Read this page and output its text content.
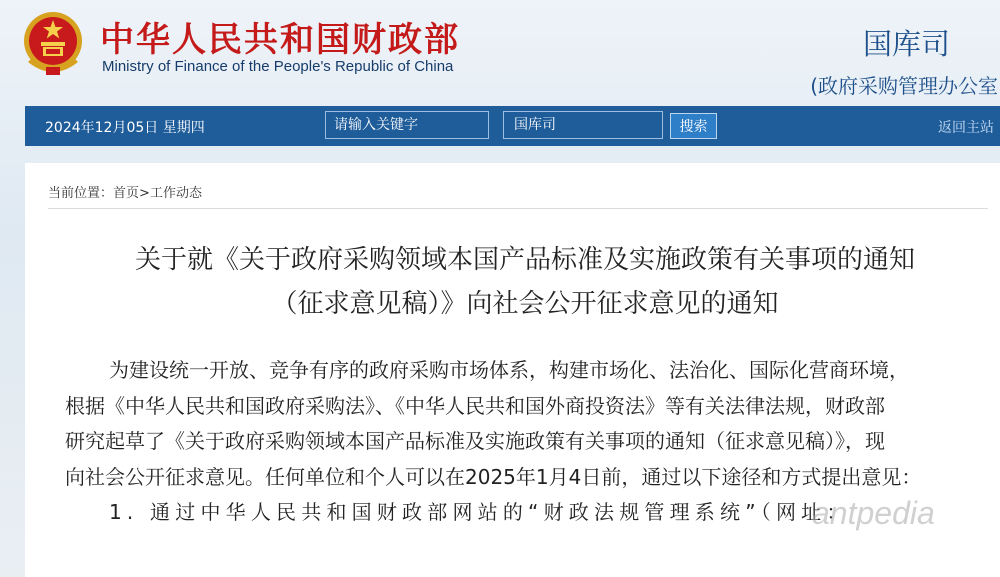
中华人民共和国财政部
Ministry of Finance of the People's Republic of China
国库司
(政府采购管理办公室
2024年12月05日 星期四	请输入关键字	国库司	搜索	返回主站
当前位置：首页>工作动态
关于就《关于政府采购领域本国产品标准及实施政策有关事项的通知
（征求意见稿）》向社会公开征求意见的通知
为建设统一开放、竞争有序的政府采购市场体系，构建市场化、法治化、国际化营商环境，
根据《中华人民共和国政府采购法》、《中华人民共和国外商投资法》等有关法律法规，财政部
研究起草了《关于政府采购领域本国产品标准及实施政策有关事项的通知（征求意见稿）》，现
向社会公开征求意见。任何单位和个人可以在2025年1月4日前，通过以下途径和方式提出意见：
1. 通过中华人民共和国财政部网站的“财政法规管理系统”（网址：
antpedia
